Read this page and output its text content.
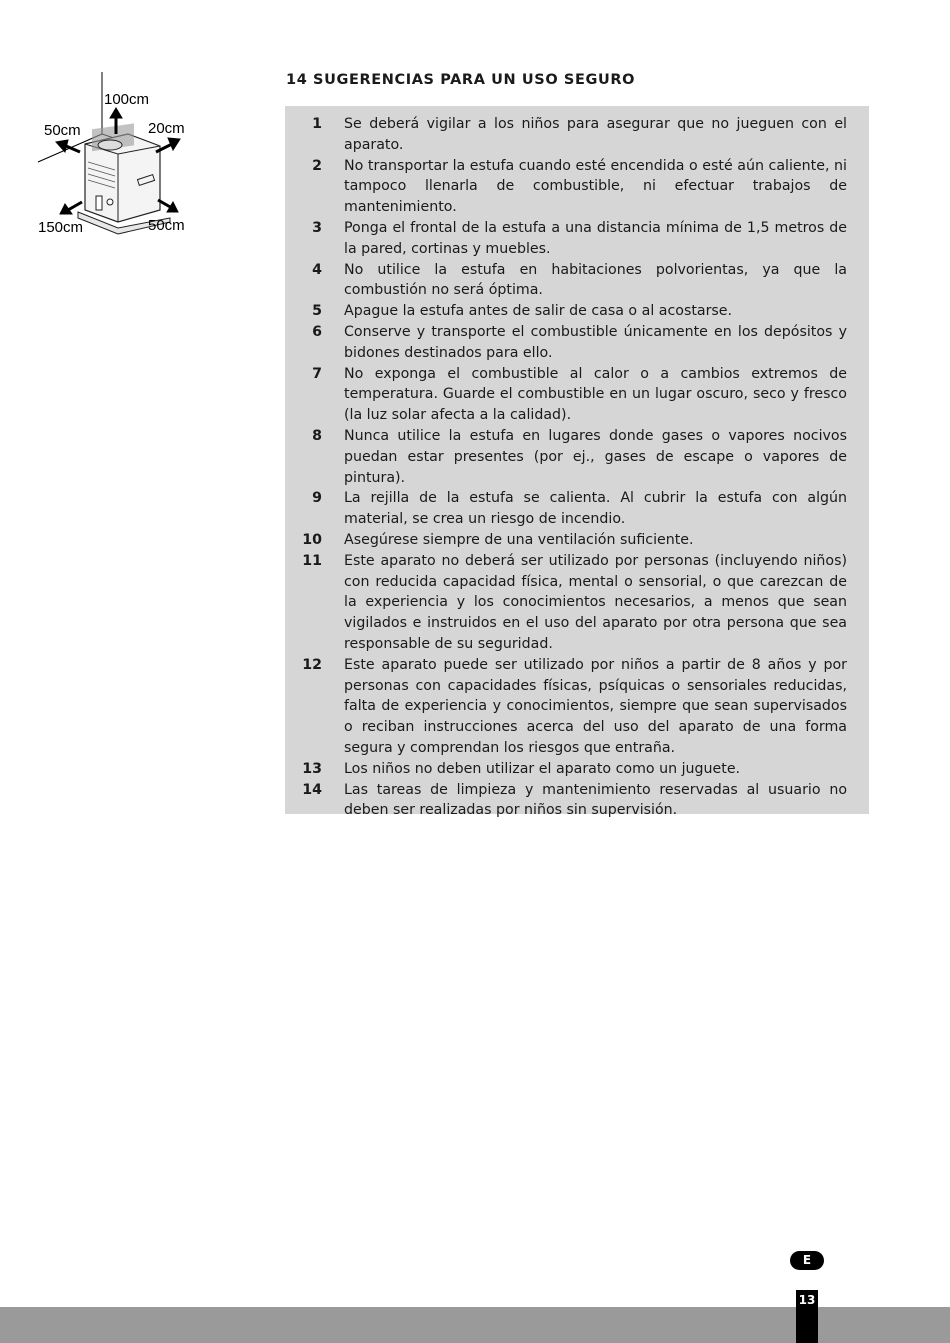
100cm
50cm	20cm
150cm	50cm
14 SUGERENCIAS PARA UN USO SEGURO
1 Se deberá vigilar a los niños para asegurar que no jueguen con el aparato.
2 No transportar la estufa cuando esté encendida o esté aún caliente, ni tampoco llenarla de combustible, ni efectuar trabajos de mantenimiento.
3 Ponga el frontal de la estufa a una distancia mínima de 1,5 metros de la pared, cortinas y muebles.
4 No utilice la estufa en habitaciones polvorientas, ya que la combustión no será óptima.
5 Apague la estufa antes de salir de casa o al acostarse.
6 Conserve y transporte el combustible únicamente en los depósitos y bidones destinados para ello.
7 No exponga el combustible al calor o a cambios extremos de temperatura. Guarde el combustible en un lugar oscuro, seco y fresco (la luz solar afecta a la calidad).
8 Nunca utilice la estufa en lugares donde gases o vapores nocivos puedan estar presentes (por ej., gases de escape o vapores de pintura).
9 La rejilla de la estufa se calienta. Al cubrir la estufa con algún material, se crea un riesgo de incendio.
10 Asegúrese siempre de una ventilación suficiente.
11 Este aparato no deberá ser utilizado por personas (incluyendo niños) con reducida capacidad física, mental o sensorial, o que carezcan de la experiencia y los conocimientos necesarios, a menos que sean vigilados e instruidos en el uso del aparato por otra persona que sea responsable de su seguridad.
12 Este aparato puede ser utilizado por niños a partir de 8 años y por personas con capacidades físicas, psíquicas o sensoriales reducidas, falta de experiencia y conocimientos, siempre que sean supervisados o reciban instrucciones acerca del uso del aparato de una forma segura y comprendan los riesgos que entraña.
13 Los niños no deben utilizar el aparato como un juguete.
14 Las tareas de limpieza y mantenimiento reservadas al usuario no deben ser realizadas por niños sin supervisión.
E
13
